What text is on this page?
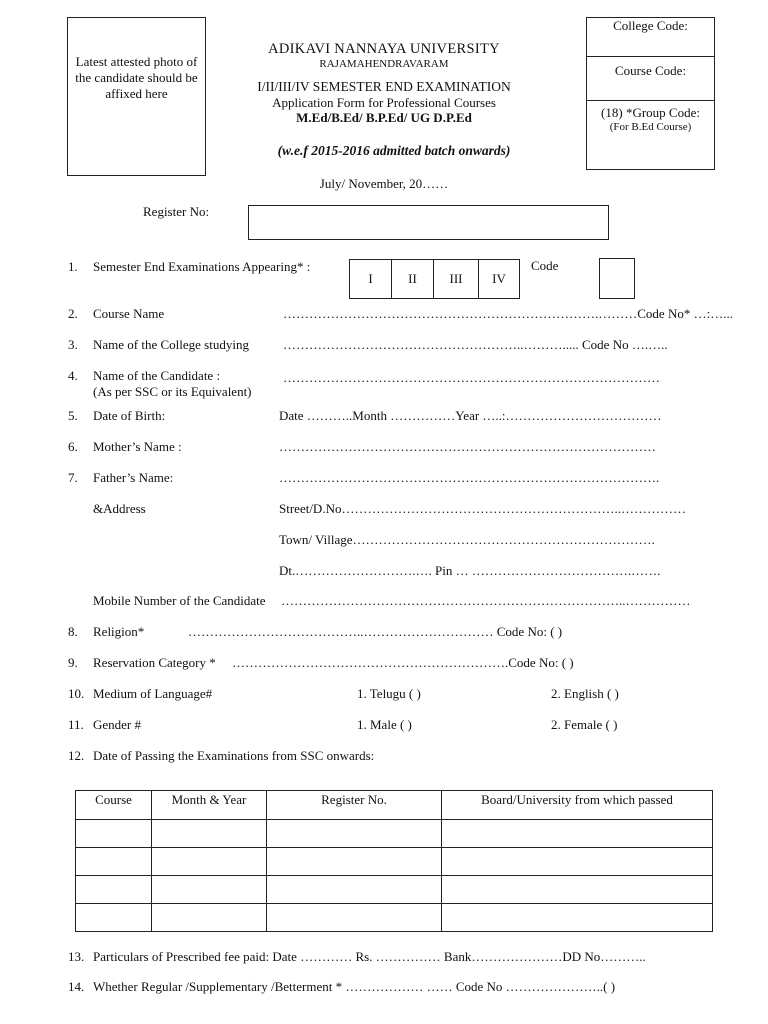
Latest attested photo of the candidate should be affixed here
College Code:
Course Code:
(18) *Group Code:
(For B.Ed Course)
ADIKAVI NANNAYA UNIVERSITY
RAJAMAHENDRAVARAM
I/II/III/IV SEMESTER END EXAMINATION
Application Form for Professional Courses
M.Ed/B.Ed/ B.P.Ed/ UG D.P.Ed
(w.e.f 2015-2016 admitted batch onwards)
July/ November, 20……
Register No:
1. Semester End Examinations Appearing* :
I	II	III	IV
Code
2. Course Name	……………………………………………………………….………Code No* …:…...
3. Name of the College studying	………………………………………………..………..... Code No ….…..
4. Name of the Candidate :
(As per SSC or its Equivalent)
……………………………………………………………………………
5. Date of Birth:	Date ………..Month ……………Year …..:………………………………
6. Mother’s Name :	……………………………………………………………………………
7. Father’s Name:	…………………………………………………………………………….
&Address	Street/D.No………………………………………………………..……………
Town/ Village…………………………………………………………….
Dt.……………………….…. Pin … ……………………………….…….
Mobile Number of the Candidate ……………………………………………………………………..……………
8. Religion*	…………………………………..………………………… Code No: ( )
9. Reservation Category * ……………………………………………………….Code No: ( )
10. Medium of Language#	1. Telugu ( )	2. English ( )
11. Gender #	1. Male ( )	2. Female ( )
12. Date of Passing the Examinations from SSC onwards:
Course	Month & Year	Register No.	Board/University from which passed

13. Particulars of Prescribed fee paid: Date ………… Rs. …………… Bank…………………DD No………..
14. Whether Regular /Supplementary /Betterment * ……………… …… Code No …………………..( )
